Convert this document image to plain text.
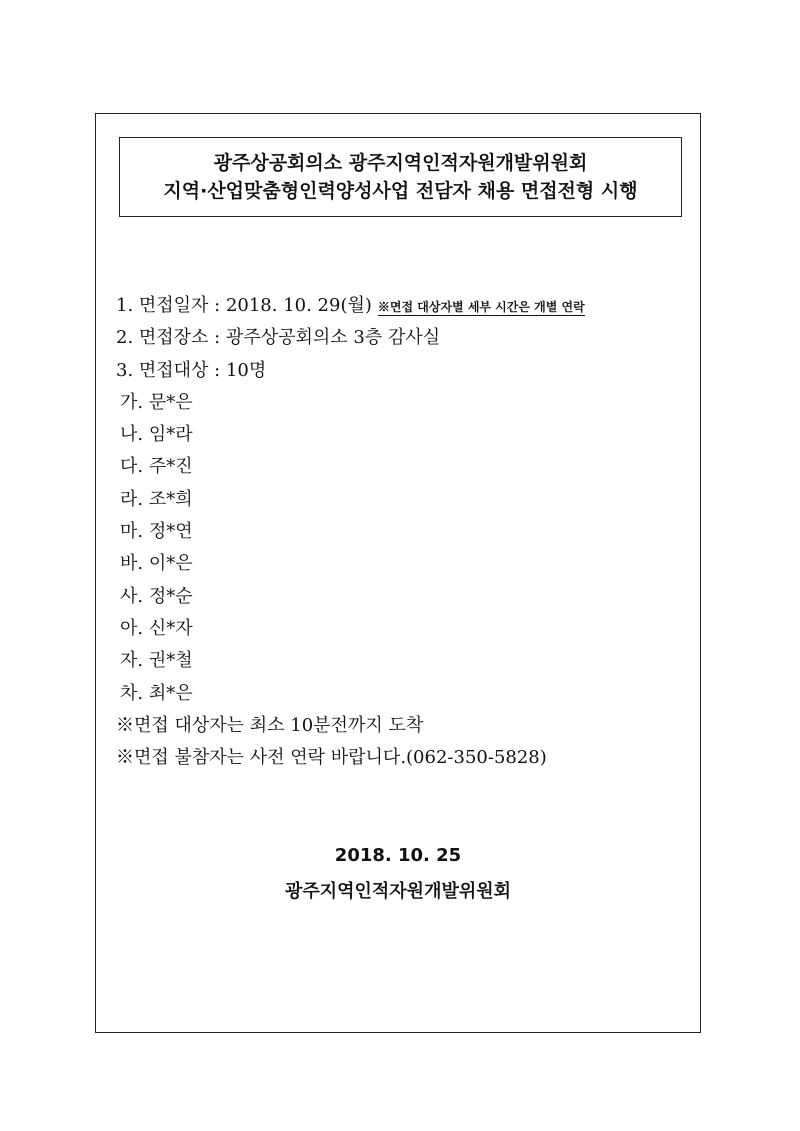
광주상공회의소 광주지역인적자원개발위원회
지역·산업맞춤형인력양성사업 전담자 채용 면접전형 시행
1. 면접일자 : 2018. 10. 29(월) ※면접 대상자별 세부 시간은 개별 연락
2. 면접장소 : 광주상공회의소 3층 감사실
3. 면접대상 : 10명
가. 문*은
나. 임*라
다. 주*진
라. 조*희
마. 정*연
바. 이*은
사. 정*순
아. 신*자
자. 권*철
차. 최*은
※면접 대상자는 최소 10분전까지 도착
※면접 불참자는 사전 연락 바랍니다.(062-350-5828)
2018. 10. 25
광주지역인적자원개발위원회
